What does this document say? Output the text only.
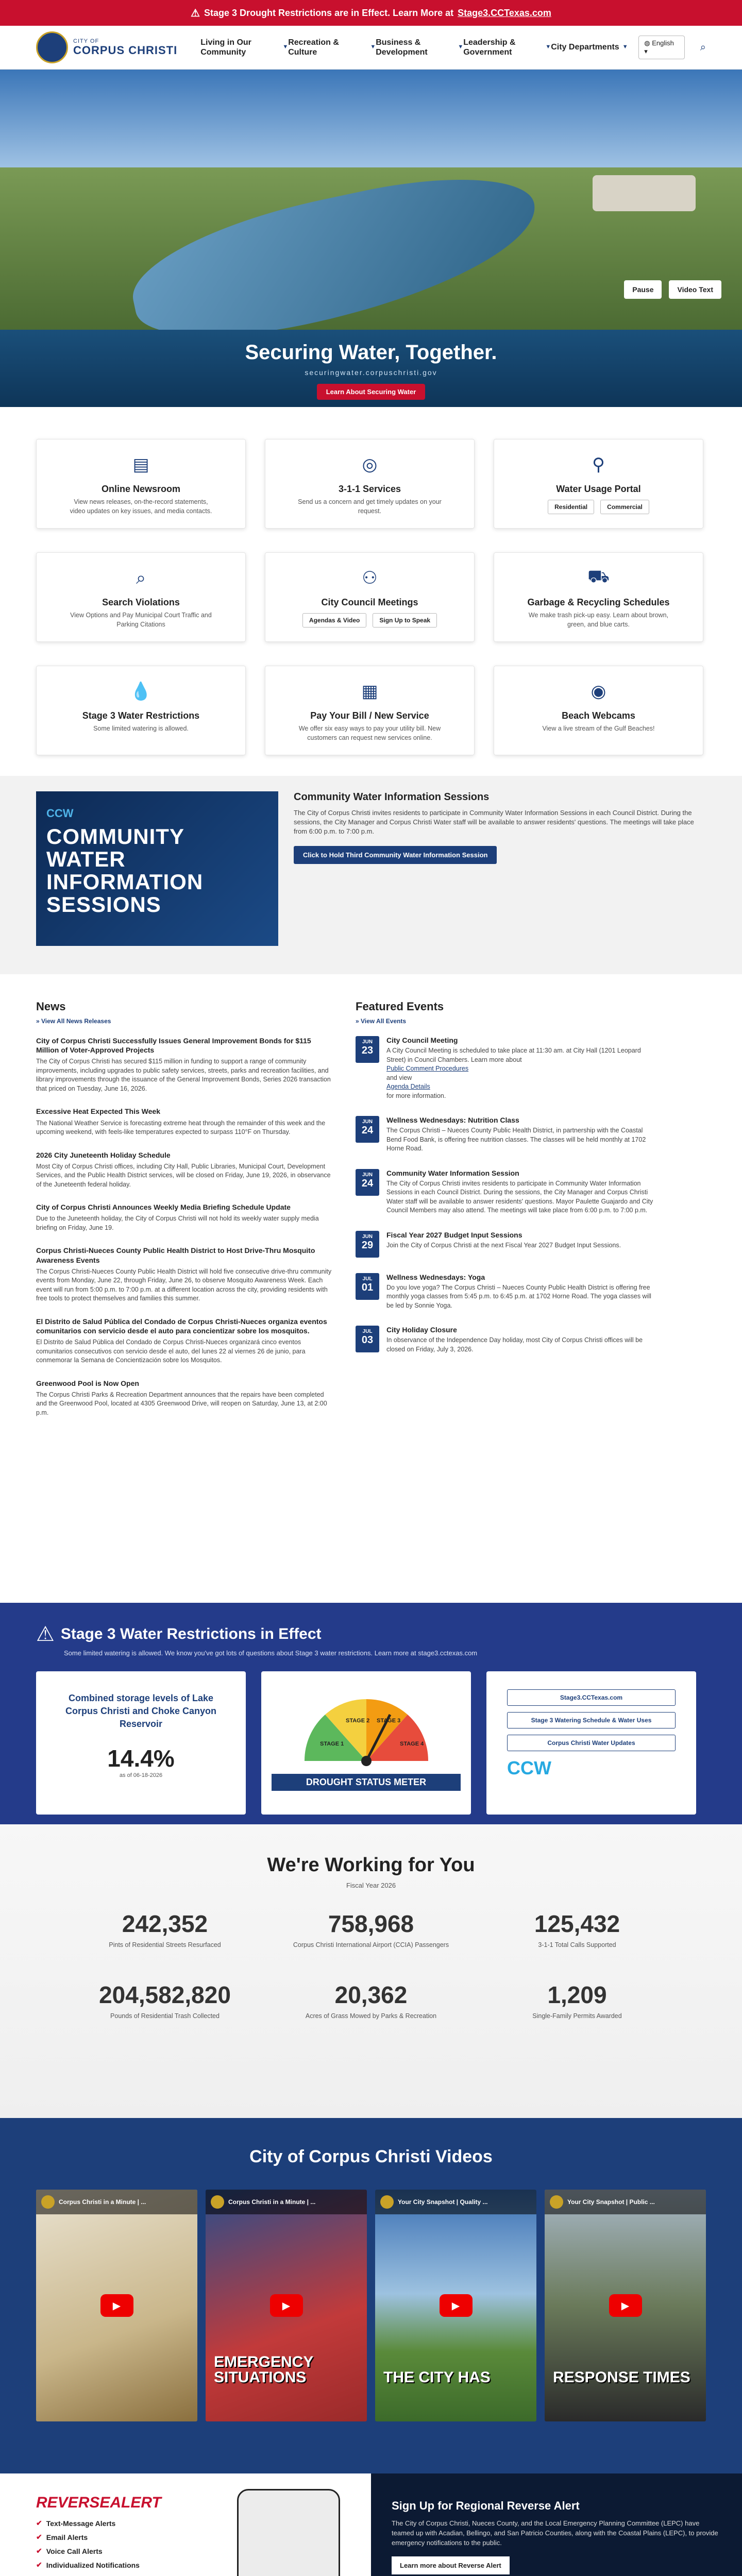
⚠ Stage 3 Drought Restrictions are in Effect. Learn More at Stage3.CCTexas.com
CITY OF
CORPUS CHRISTI
Living in Our Community
▼
Recreation & Culture
▼
Business & Development
▼
Leadership & Government
▼ City Departments ▼
◍ English ▾	⌕
Pause	Video Text
Securing Water, Together.
securingwater.corpuschristi.gov
Learn About Securing Water
▤
Online Newsroom

View news releases, on-the-record statements, video updates on key issues, and media contacts.

◎
3-1-1 Services

Send us a concern and get timely updates on your request.

⚲
Water Usage Portal
Residential	Commercial
⌕
Search Violations

View Options and Pay Municipal Court Traffic and Parking Citations

⚇
City Council Meetings
Agendas & Video	Sign Up to Speak
⛟
Garbage & Recycling Schedules

We make trash pick-up easy. Learn about brown, green, and blue carts.

💧
Stage 3 Water Restrictions

Some limited watering is allowed.

▦
Pay Your Bill / New Service

We offer six easy ways to pay your utility bill. New customers can request new services online.

◉
Beach Webcams

View a live stream of the Gulf Beaches!

CCW
COMMUNITY WATER INFORMATION SESSIONS
Community Water Information Sessions

The City of Corpus Christi invites residents to participate in Community Water Information Sessions in each Council District. During the sessions, the City Manager and Corpus Christi Water staff will be available to answer residents' questions. The meetings will take place from 6:00 p.m. to 7:00 p.m.

Click to Hold Third Community Water Information Session
News
» View All News Releases
City of Corpus Christi Successfully Issues General Improvement Bonds for $115 Million of Voter-Approved Projects

The City of Corpus Christi has secured $115 million in funding to support a range of community improvements, including upgrades to public safety services, streets, parks and recreation facilities, and library improvements through the issuance of the General Improvement Bonds, Series 2026 transaction that priced on Tuesday, June 16, 2026.

Excessive Heat Expected This Week

The National Weather Service is forecasting extreme heat through the remainder of this week and the upcoming weekend, with feels-like temperatures expected to surpass 110°F on Thursday.

2026 City Juneteenth Holiday Schedule

Most City of Corpus Christi offices, including City Hall, Public Libraries, Municipal Court, Development Services, and the Public Health District services, will be closed on Friday, June 19, 2026, in observance of the Juneteenth federal holiday.

City of Corpus Christi Announces Weekly Media Briefing Schedule Update

Due to the Juneteenth holiday, the City of Corpus Christi will not hold its weekly water supply media briefing on Friday, June 19.

Corpus Christi-Nueces County Public Health District to Host Drive-Thru Mosquito Awareness Events

The Corpus Christi-Nueces County Public Health District will hold five consecutive drive-thru community events from Monday, June 22, through Friday, June 26, to observe Mosquito Awareness Week. Each event will run from 5:00 p.m. to 7:00 p.m. at a different location across the city, providing residents with free tools to protect themselves and families this summer.

El Distrito de Salud Pública del Condado de Corpus Christi-Nueces organiza eventos comunitarios con servicio desde el auto para concientizar sobre los mosquitos.

El Distrito de Salud Pública del Condado de Corpus Christi-Nueces organizará cinco eventos comunitarios consecutivos con servicio desde el auto, del lunes 22 al viernes 26 de junio, para conmemorar la Semana de Concientización sobre los Mosquitos.

Greenwood Pool is Now Open

The Corpus Christi Parks & Recreation Department announces that the repairs have been completed and the Greenwood Pool, located at 4305 Greenwood Drive, will reopen on Saturday, June 13, at 2:00 p.m.

Featured Events
» View All Events
JUN
23
City Council Meeting

A City Council Meeting is scheduled to take place at 11:30 am. at City Hall (1201 Leopard Street) in Council Chambers. Learn more about

Public Comment Procedures

and view

Agenda Details

for more information.

JUN
24
Wellness Wednesdays: Nutrition Class

The Corpus Christi – Nueces County Public Health District, in partnership with the Coastal Bend Food Bank, is offering free nutrition classes. The classes will be held monthly at 1702 Horne Road.

JUN
24
Community Water Information Session

The City of Corpus Christi invites residents to participate in Community Water Information Sessions in each Council District. During the sessions, the City Manager and Corpus Christi Water staff will be available to answer residents' questions. Mayor Paulette Guajardo and City Council Members may also attend. The meetings will take place from 6:00 p.m. to 7:00 p.m.

JUN
29
Fiscal Year 2027 Budget Input Sessions

Join the City of Corpus Christi at the next Fiscal Year 2027 Budget Input Sessions.

JUL
01
Wellness Wednesdays: Yoga

Do you love yoga? The Corpus Christi – Nueces County Public Health District is offering free monthly yoga classes from 5:45 p.m. to 6:45 p.m. at 1702 Horne Road. The yoga classes will be led by Sonnie Yoga.

JUL
03
City Holiday Closure

In observance of the Independence Day holiday, most City of Corpus Christi offices will be closed on Friday, July 3, 2026.

⚠ Stage 3 Water Restrictions in Effect
Some limited watering is allowed. We know you've got lots of questions about Stage 3 water restrictions. Learn more at stage3.cctexas.com
Combined storage levels of Lake Corpus Christi and Choke Canyon Reservoir
14.4%
as of 06-18-2026
STAGE 1
STAGE 2 STAGE 3
STAGE 4
DROUGHT STATUS METER
Stage3.CCTexas.com
Stage 3 Watering Schedule & Water Uses
Corpus Christi Water Updates
CCW
We're Working for You
Fiscal Year 2026
242,352
Pints of Residential Streets Resurfaced
758,968
Corpus Christi International Airport (CCIA) Passengers
125,432
3-1-1 Total Calls Supported
204,582,820
Pounds of Residential Trash Collected
20,362
Acres of Grass Mowed by Parks & Recreation
1,209
Single-Family Permits Awarded
City of Corpus Christi Videos
Corpus Christi in a Minute | ...
▶
Corpus Christi in a Minute | ...
▶
EMERGENCY SITUATIONS
Your City Snapshot | Quality ...
▶
THE CITY HAS
Your City Snapshot | Public ...
▶
RESPONSE TIMES
REVERSEALERT
✔ Text-Message Alerts
✔ Email Alerts
✔ Voice Call Alerts
✔ Individualized Notifications
Sign Up for Regional Reverse Alert

The City of Corpus Christi, Nueces County, and the Local Emergency Planning Committee (LEPC) have teamed up with Acadian, Bellingo, and San Patricio Counties, along with the Coastal Plains (LEPC), to provide emergency notifications to the public.

Learn more about Reverse Alert
